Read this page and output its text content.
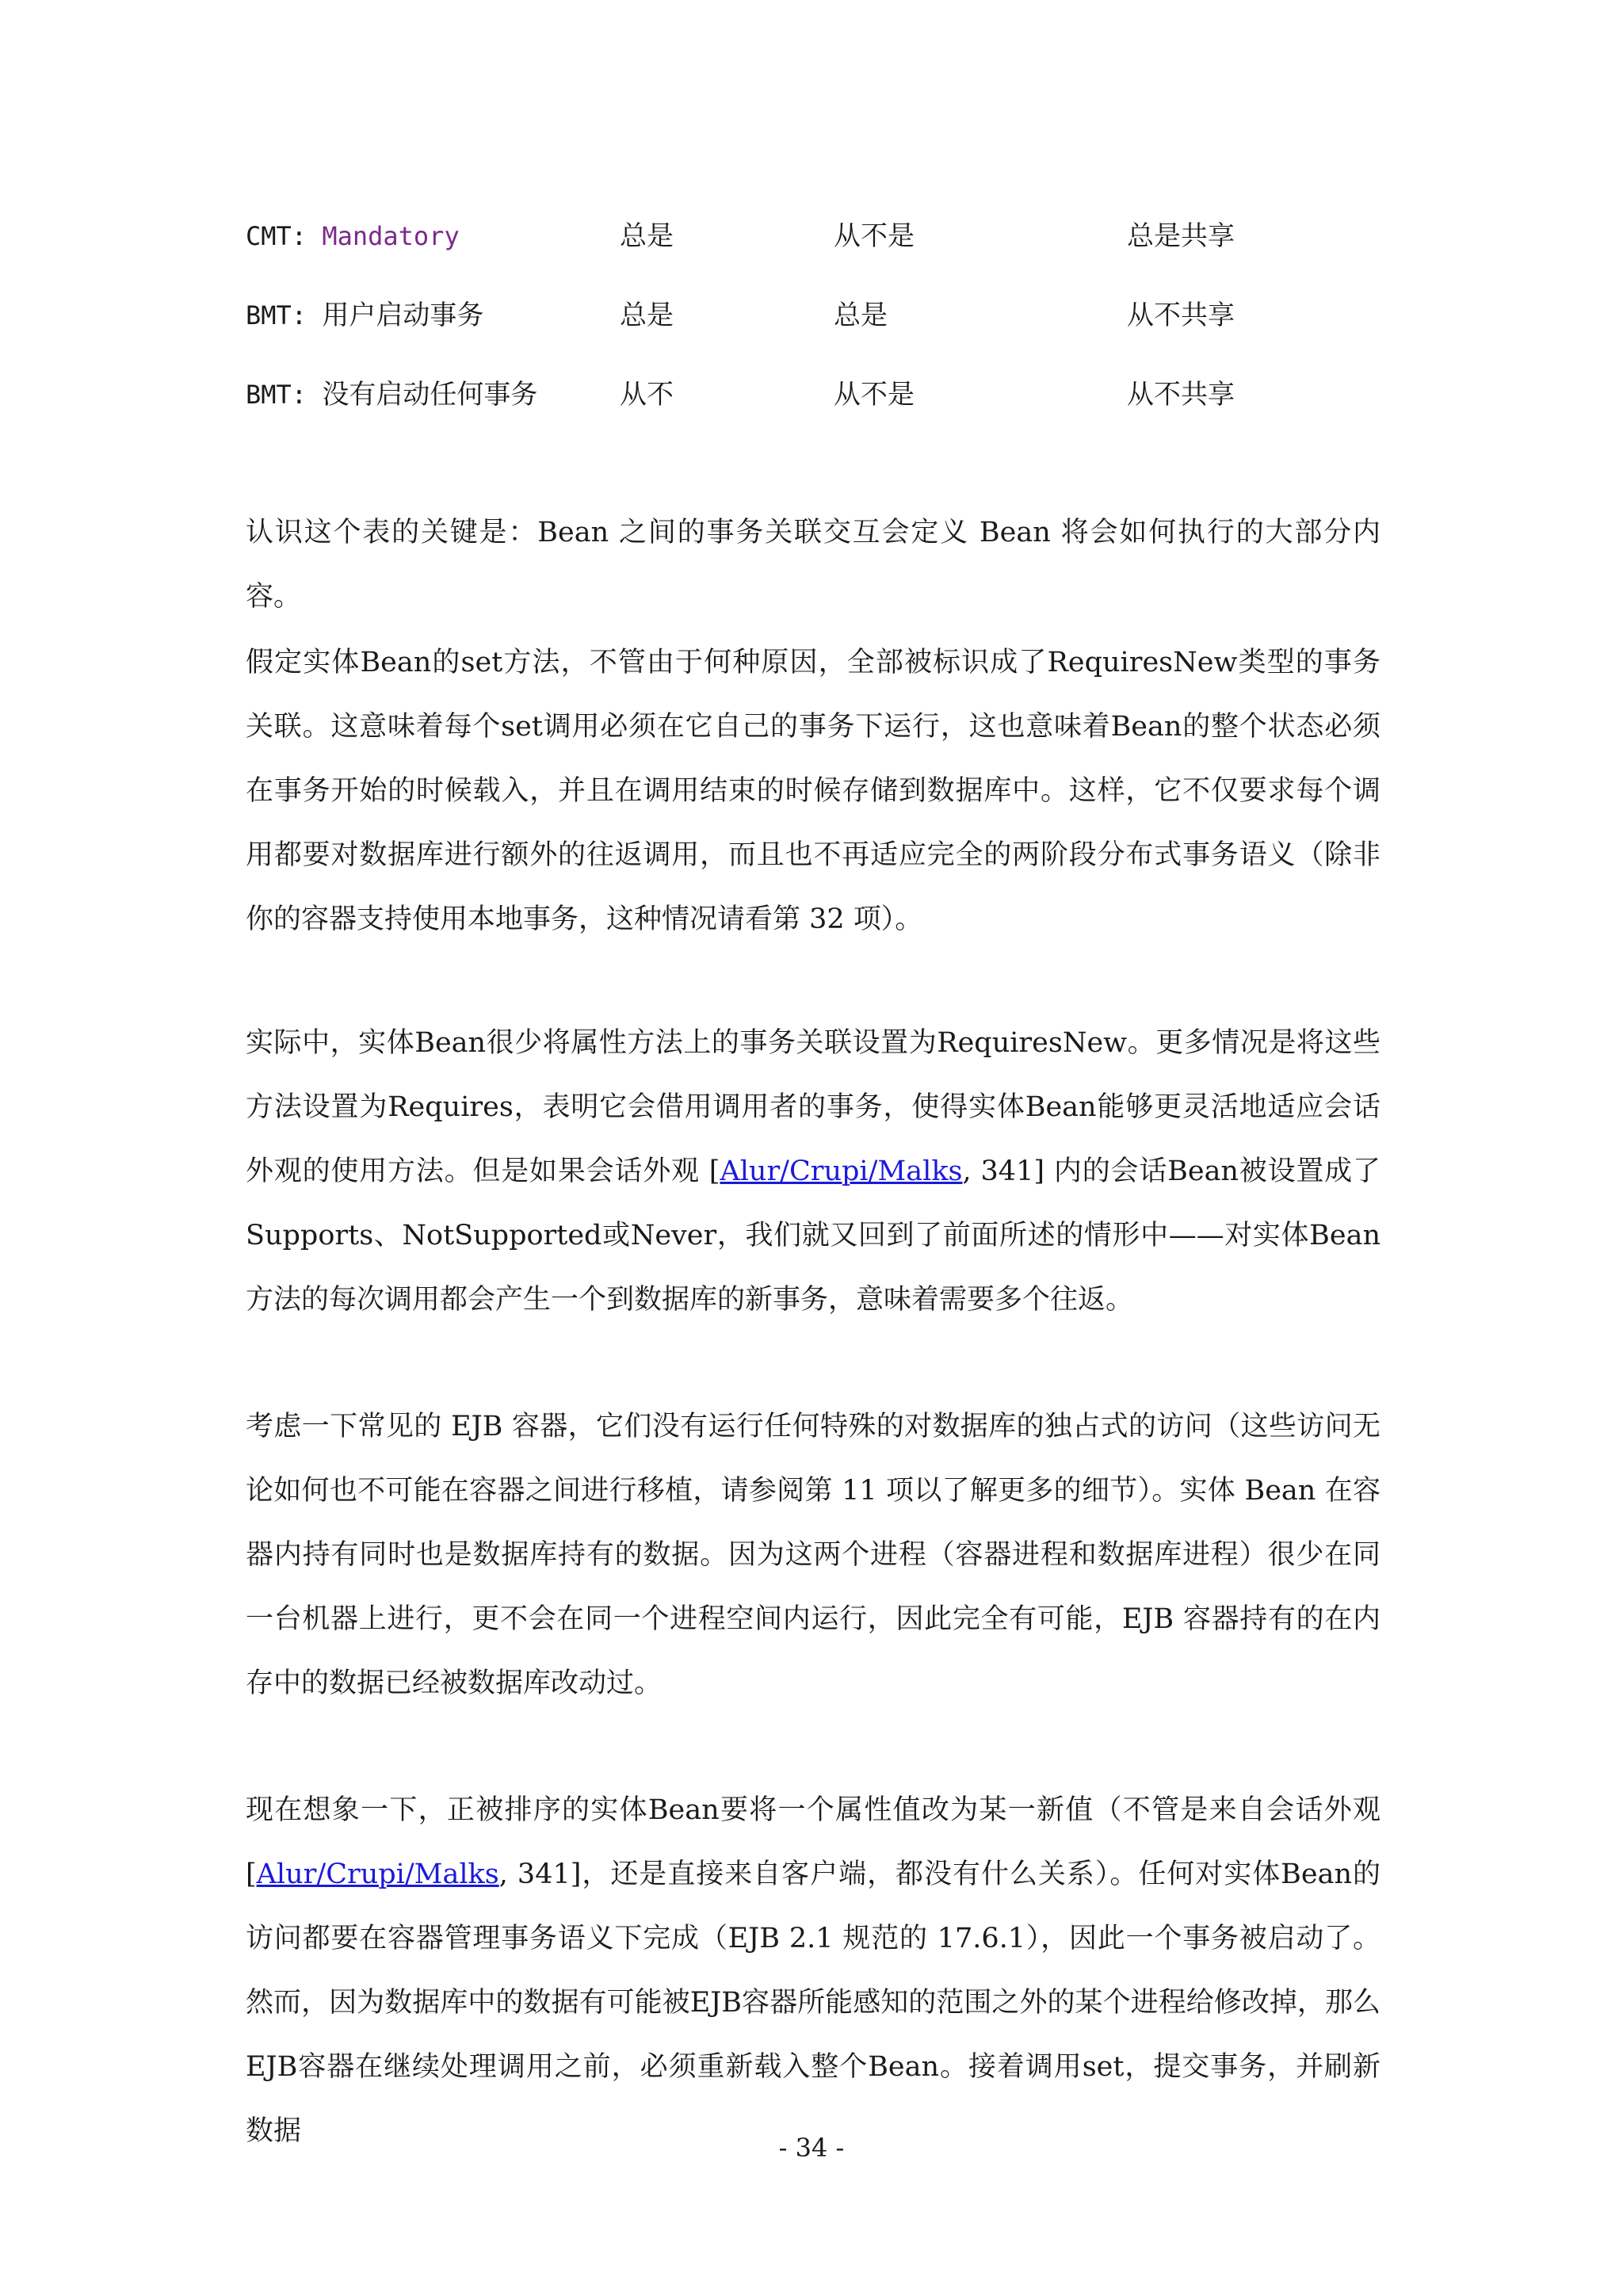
CMT: Mandatory	总是	从不是	总是共享
BMT: 用户启动事务	总是	总是	从不共享
BMT: 没有启动任何事务	从不	从不是	从不共享

认识这个表的关键是：Bean 之间的事务关联交互会定义 Bean 将会如何执行的大部分内容。

假定实体Bean的set方法，不管由于何种原因，全部被标识成了RequiresNew类型的事务关联。这意味着每个set调用必须在它自己的事务下运行，这也意味着Bean的整个状态必须在事务开始的时候载入，并且在调用结束的时候存储到数据库中。这样，它不仅要求每个调用都要对数据库进行额外的往返调用，而且也不再适应完全的两阶段分布式事务语义（除非你的容器支持使用本地事务，这种情况请看第 32 项）。

实际中，实体Bean很少将属性方法上的事务关联设置为RequiresNew。更多情况是将这些方法设置为Requires，表明它会借用调用者的事务，使得实体Bean能够更灵活地适应会话外观的使用方法。但是如果会话外观 [Alur/Crupi/Malks, 341] 内的会话Bean被设置成了Supports、NotSupported或Never，我们就又回到了前面所述的情形中——对实体Bean方法的每次调用都会产生一个到数据库的新事务，意味着需要多个往返。

考虑一下常见的 EJB 容器，它们没有运行任何特殊的对数据库的独占式的访问（这些访问无论如何也不可能在容器之间进行移植，请参阅第 11 项以了解更多的细节）。实体 Bean 在容器内持有同时也是数据库持有的数据。因为这两个进程（容器进程和数据库进程）很少在同一台机器上进行，更不会在同一个进程空间内运行，因此完全有可能，EJB 容器持有的在内存中的数据已经被数据库改动过。

现在想象一下，正被排序的实体Bean要将一个属性值改为某一新值（不管是来自会话外观 [Alur/Crupi/Malks, 341]，还是直接来自客户端，都没有什么关系）。任何对实体Bean的访问都要在容器管理事务语义下完成（EJB 2.1 规范的 17.6.1），因此一个事务被启动了。然而，因为数据库中的数据有可能被EJB容器所能感知的范围之外的某个进程给修改掉，那么EJB容器在继续处理调用之前，必须重新载入整个Bean。接着调用set，提交事务，并刷新数据

- 34 -
